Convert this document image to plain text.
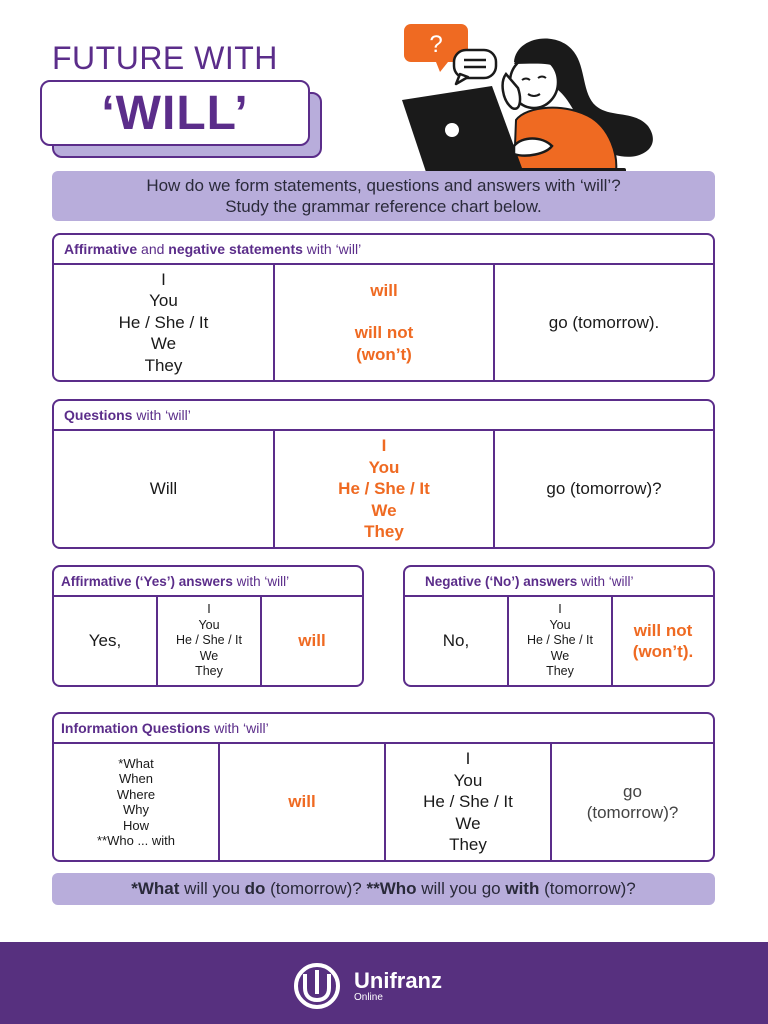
FUTURE WITH
‘WILL’
?
How do we form statements, questions and answers with ‘will’?
Study the grammar reference chart below.
Affirmative and negative statements with ‘will’
I
You
He / She / It
We
They
will
will not
(won’t)
go (tomorrow).
Questions with ‘will’
Will
I
You
He / She / It
We
They
go (tomorrow)?
Affirmative (‘Yes’) answers with ‘will’
Yes,
I
You
He / She / It
We
They
will
Negative (‘No’) answers with ‘will’
No,
I
You
He / She / It
We
They
will not
(won’t).
Information Questions with ‘will’
*What
When
Where
Why
How
**Who ... with
will
I
You
He / She / It
We
They
go
(tomorrow)?
*What will you do (tomorrow)? **Who will you go with (tomorrow)?
Unifranz
Online
